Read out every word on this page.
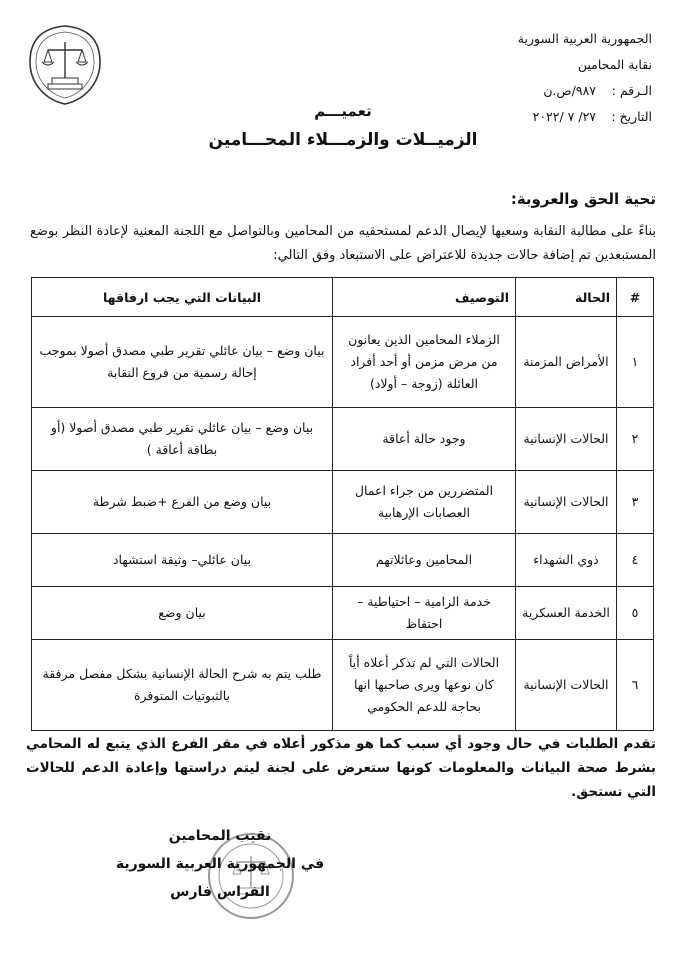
الجمهورية العربية السورية
نقابة المحامين
الـرقم : ٩٨٧/ص.ن
التاريخ : ٢٧/ ٧ /٢٠٢٢
تعميـــم
الزميــلات والزمـــلاء المحـــامين
تحية الحق والعروبة:
بناءً على مطالبة النقابة وسعيها لإيصال الدعم لمستحقيه من المحامين وبالتواصل مع اللجنة المعنية لإعادة النظر بوضع المستبعدين تم إضافة حالات جديدة للاعتراض على الاستبعاد وفق التالي:
#	الحالة	التوصيف	البيانات التي يجب ارفاقها
١	الأمراض المزمنة	الزملاء المحامين الذين يعانون من مرض مزمن أو أحد أفراد العائلة (زوجة – أولاد)	بيان وضع – بيان عائلي تقرير طبي مصدق أصولا بموجب إحالة رسمية من فروع النقابة
٢	الحالات الإنسانية	وجود حالة أعاقة	بيان وضع – بيان عائلي تقرير طبي مصدق أصولا (أو بطاقة أعاقة )
٣	الحالات الإنسانية	المتضررين من جراء اعمال العصابات الإرهابية	بيان وضع من الفرع +ضبط شرطة
٤	ذوي الشهداء	المحامين وعائلاتهم	بيان عائلي– وثيقة استشهاد
٥	الخدمة العسكرية	خدمة الزامية – احتياطية – احتفاظ	بيان وضع
٦	الحالات الإنسانية	الحالات التي لم تذكر أعلاه أياً كان نوعها ويرى صاحبها انها بحاجة للدعم الحكومي	طلب يتم به شرح الحالة الإنسانية بشكل مفصل مرفقة بالثبوتيات المتوفرة
تقدم الطلبات في حال وجود أي سبب كما هو مذكور أعلاه في مقر الفرع الذي يتبع له المحامي بشرط صحة البيانات والمعلومات كونها ستعرض على لجنة ليتم دراستها وإعادة الدعم للحالات التي تستحق.
نقيب المحامين
في الجمهورية العربية السورية
الفراس فارس
